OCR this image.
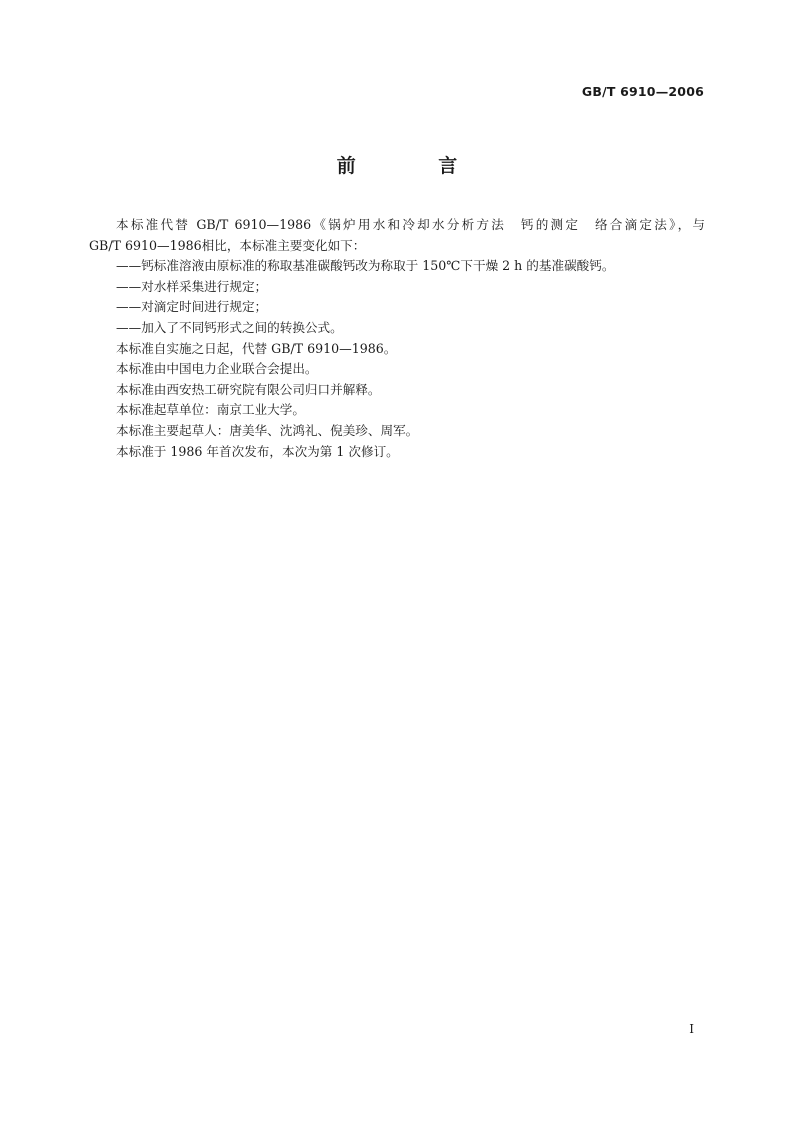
GB/T 6910—2006
前 言

本标准代替 GB/T 6910—1986《锅炉用水和冷却水分析方法　钙的测定　络合滴定法》，与

GB/T 6910—1986相比，本标准主要变化如下：

——钙标准溶液由原标准的称取基准碳酸钙改为称取于 150℃下干燥 2 h 的基准碳酸钙。

——对水样采集进行规定；

——对滴定时间进行规定；

——加入了不同钙形式之间的转换公式。

本标准自实施之日起，代替 GB/T 6910—1986。

本标准由中国电力企业联合会提出。

本标准由西安热工研究院有限公司归口并解释。

本标准起草单位：南京工业大学。

本标准主要起草人：唐美华、沈鸿礼、倪美珍、周军。

本标准于 1986 年首次发布，本次为第 1 次修订。

I
